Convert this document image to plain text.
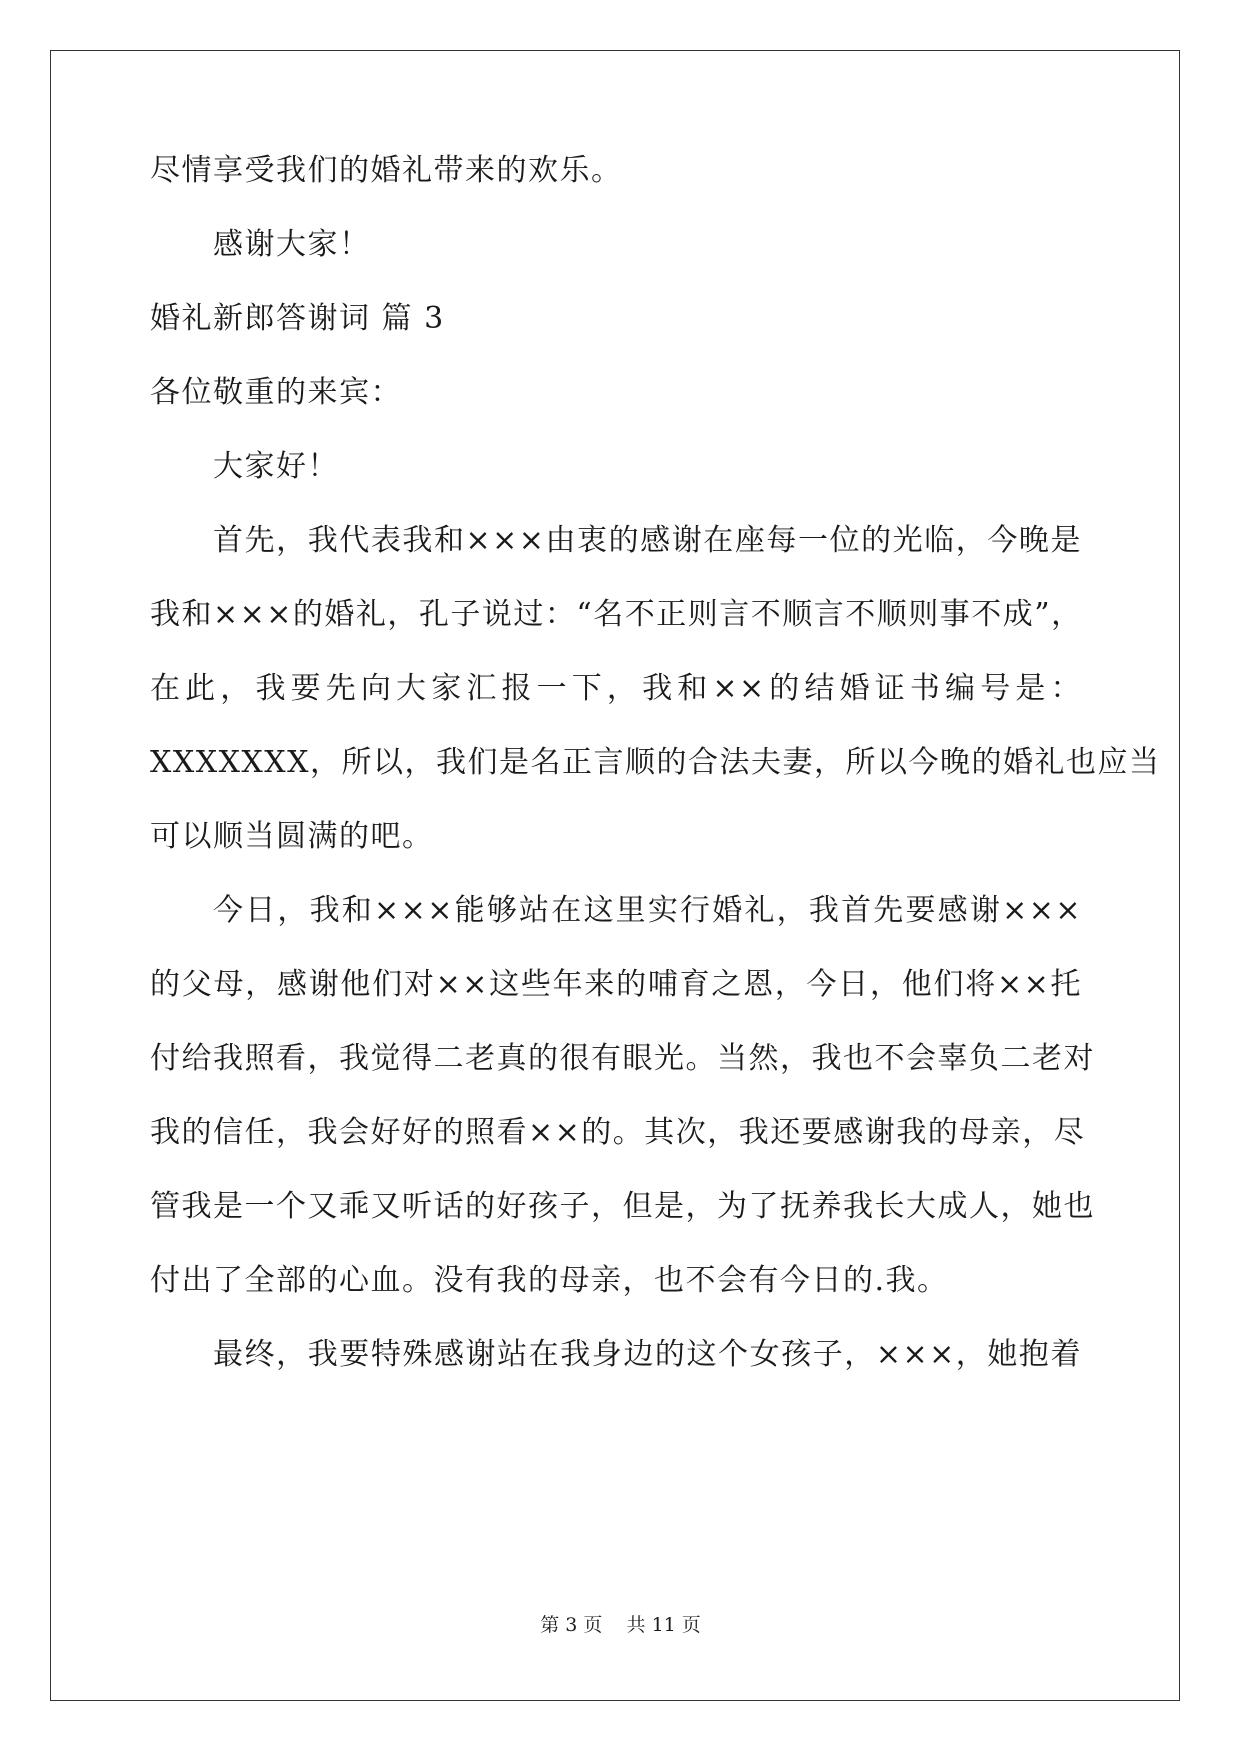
尽情享受我们的婚礼带来的欢乐。
感谢大家！
婚礼新郎答谢词 篇 3
各位敬重的来宾：
大家好！
首先，我代表我和×××由衷的感谢在座每一位的光临，今晚是
我和×××的婚礼，孔子说过：“名不正则言不顺言不顺则事不成”，
在此，我要先向大家汇报一下，我和××的结婚证书编号是：
XXXXXXX，所以，我们是名正言顺的合法夫妻，所以今晚的婚礼也应当
可以顺当圆满的吧。
今日，我和×××能够站在这里实行婚礼，我首先要感谢×××
的父母，感谢他们对××这些年来的哺育之恩，今日，他们将××托
付给我照看，我觉得二老真的很有眼光。当然，我也不会辜负二老对
我的信任，我会好好的照看××的。其次，我还要感谢我的母亲，尽
管我是一个又乖又听话的好孩子，但是，为了抚养我长大成人，她也
付出了全部的心血。没有我的母亲，也不会有今日的.我。
最终，我要特殊感谢站在我身边的这个女孩子，×××，她抱着
第 3 页    共 11 页
